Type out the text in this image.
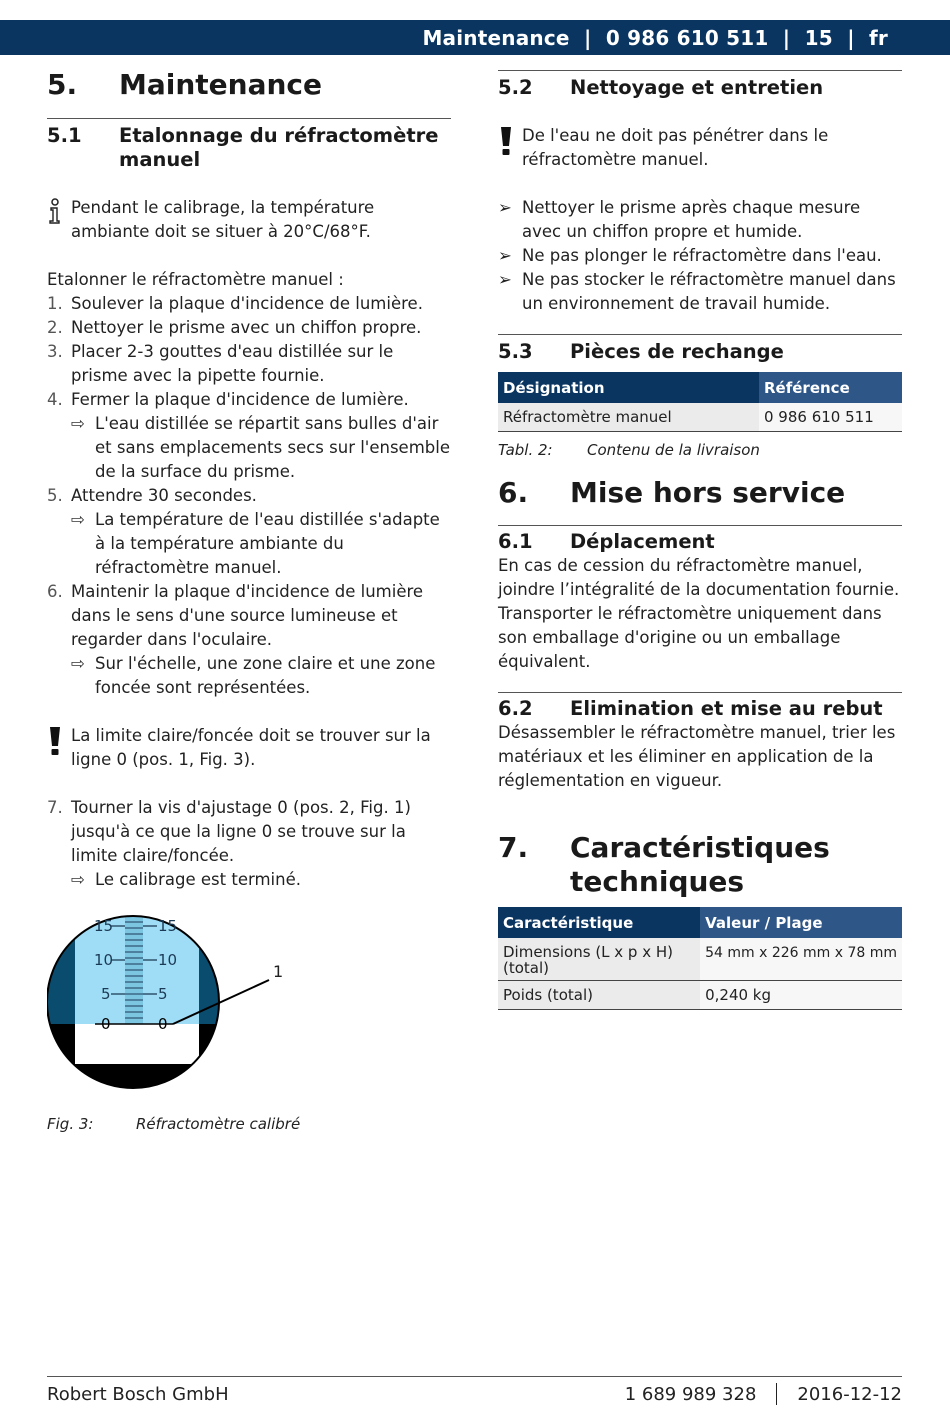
Maintenance  |  0 986 610 511  |  15  |  fr
5.	Maintenance
5.1	Etalonnage du réfractomètre
manuel
Pendant le calibrage, la température ambiante doit se situer à 20°C/68°F.
Etalonner le réfractomètre manuel :
1. Soulever la plaque d'incidence de lumière.
2. Nettoyer le prisme avec un chiffon propre.
3. Placer 2-3 gouttes d'eau distillée sur le prisme avec la pipette fournie.
4. Fermer la plaque d'incidence de lumière.
⇨ L'eau distillée se répartit sans bulles d'air et sans emplacements secs sur l'ensemble de la surface du prisme.
5. Attendre 30 secondes.
⇨ La température de l'eau distillée s'adapte à la température ambiante du réfractomètre manuel.
6. Maintenir la plaque d'incidence de lumière dans le sens d'une source lumineuse et regarder dans l'oculaire.
⇨ Sur l'échelle, une zone claire et une zone foncée sont représentées.
La limite claire/foncée doit se trouver sur la ligne 0 (pos. 1, Fig. 3).
7. Tourner la vis d'ajustage 0 (pos. 2, Fig. 1) jusqu'à ce que la ligne 0 se trouve sur la limite claire/foncée.
⇨ Le calibrage est terminé.
15	15
10	10
5	5
0	0
1
Fig. 3:	Réfractomètre calibré
5.2	Nettoyage et entretien
De l'eau ne doit pas pénétrer dans le réfractomètre manuel.
➢ Nettoyer le prisme après chaque mesure avec un chiffon propre et humide.
➢ Ne pas plonger le réfractomètre dans l'eau.
➢ Ne pas stocker le réfractomètre manuel dans un environnement de travail humide.
5.3	Pièces de rechange
Désignation	Référence
Réfractomètre manuel	0 986 610 511
Tabl. 2:	Contenu de la livraison
6.	Mise hors service
6.1	Déplacement
En cas de cession du réfractomètre manuel, joindre l’intégralité de la documentation fournie. Transporter le réfractomètre uniquement dans son emballage d'origine ou un emballage équivalent.
6.2	Elimination et mise au rebut
Désassembler le réfractomètre manuel, trier les matériaux et les éliminer en application de la réglementation en vigueur.
7.	Caractéristiques
techniques
Caractéristique	Valeur / Plage
Dimensions (L x p x H) (total)	54 mm x 226 mm x 78 mm
Poids (total)	0,240 kg
Robert Bosch GmbH	1 689 989 328 2016-12-12
